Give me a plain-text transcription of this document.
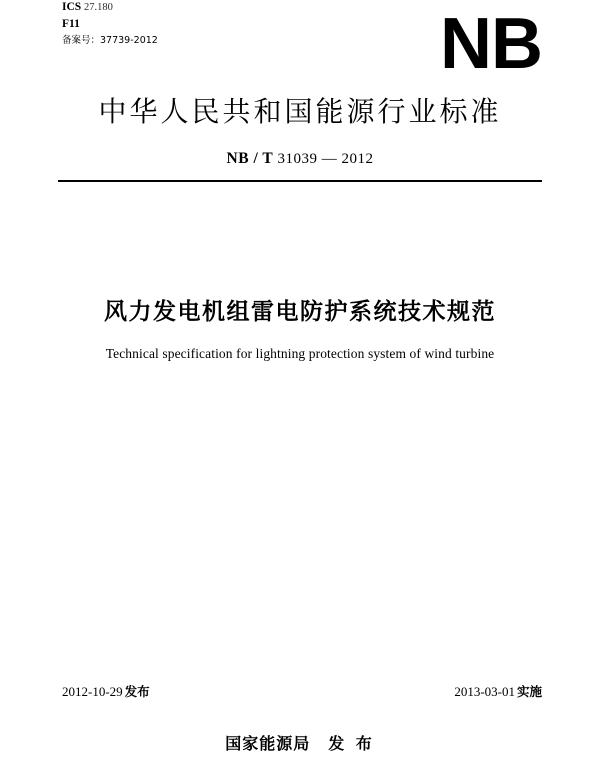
ICS 27.180
F11
备案号：37739-2012	NB
中华人民共和国能源行业标准
NB / T 31039 — 2012
风力发电机组雷电防护系统技术规范
Technical specification for lightning protection system of wind turbine
2012-10-29 发布	2013-03-01 实施
国家能源局 发 布
